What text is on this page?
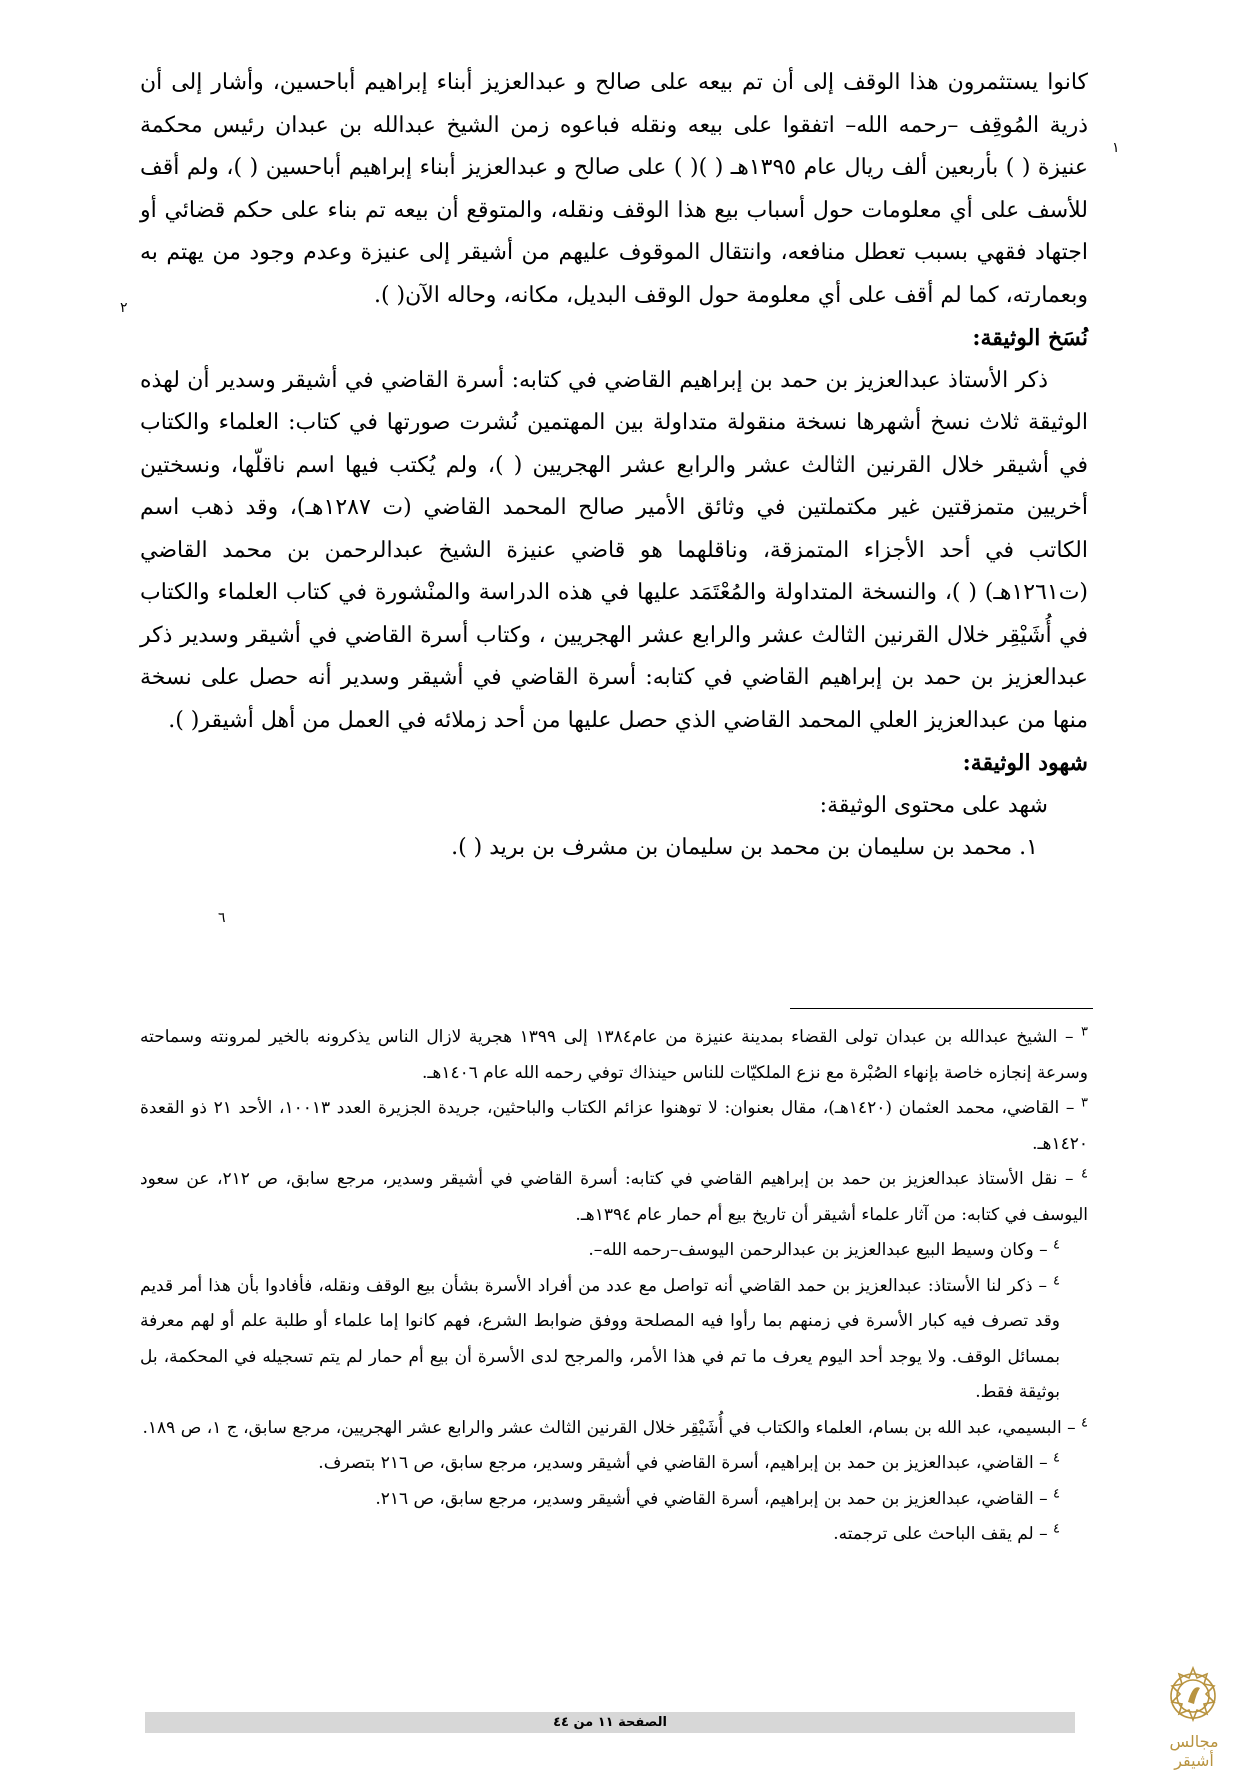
كانوا يستثمرون هذا الوقف إلى أن تم بيعه على صالح و عبدالعزيز أبناء إبراهيم أباحسين، وأشار إلى أن ذرية المُوقِف –رحمه الله– اتفقوا على بيعه ونقله فباعوه زمن الشيخ عبدالله بن عبدان رئيس محكمة عنيزة ( ) بأربعين ألف ريال عام ١٣٩٥هـ ( )( ) على صالح و عبدالعزيز أبناء إبراهيم أباحسين ( )، ولم أقف للأسف على أي معلومات حول أسباب بيع هذا الوقف ونقله، والمتوقع أن بيعه تم بناء على حكم قضائي أو اجتهاد فقهي بسبب تعطل منافعه، وانتقال الموقوف عليهم من أشيقر إلى عنيزة وعدم وجود من يهتم به وبعمارته، كما لم أقف على أي معلومة حول الوقف البديل، مكانه، وحاله الآن( ).

نُسَخ الوثيقة:

ذكر الأستاذ عبدالعزيز بن حمد بن إبراهيم القاضي في كتابه: أسرة القاضي في أشيقر وسدير أن لهذه الوثيقة ثلاث نسخ أشهرها نسخة منقولة متداولة بين المهتمين نُشرت صورتها في كتاب: العلماء والكتاب في أشيقر خلال القرنين الثالث عشر والرابع عشر الهجريين ( )، ولم يُكتب فيها اسم ناقلّها، ونسختين أخريين متمزقتين غير مكتملتين في وثائق الأمير صالح المحمد القاضي (ت ١٢٨٧هـ)، وقد ذهب اسم الكاتب في أحد الأجزاء المتمزقة، وناقلهما هو قاضي عنيزة الشيخ عبدالرحمن بن محمد القاضي (ت١٢٦١هـ) ( )، والنسخة المتداولة والمُعْتَمَد عليها في هذه الدراسة والمنْشورة في كتاب العلماء والكتاب في أُشَيْقِر خلال القرنين الثالث عشر والرابع عشر الهجريين ، وكتاب أسرة القاضي في أشيقر وسدير ذكر عبدالعزيز بن حمد بن إبراهيم القاضي في كتابه: أسرة القاضي في أشيقر وسدير أنه حصل على نسخة منها من عبدالعزيز العلي المحمد القاضي الذي حصل عليها من أحد زملائه في العمل من أهل أشيقر( ).

شهود الوثيقة:

شهد على محتوى الوثيقة:

١. محمد بن سليمان بن محمد بن سليمان بن مشرف بن بريد ( ).
١
٢
٦

$^٣$ – الشيخ عبدالله بن عبدان تولى القضاء بمدينة عنيزة من عام١٣٨٤ إلى ١٣٩٩ هجرية لازال الناس يذكرونه بالخير لمرونته وسماحته وسرعة إنجازه خاصة بإنهاء الصُبْرة مع نزع الملكيّات للناس حينذاك توفي رحمه الله عام ١٤٠٦هـ.

$^٣$ – القاضي، محمد العثمان (١٤٢٠هـ)، مقال بعنوان: لا توهنوا عزائم الكتاب والباحثين، جريدة الجزيرة العدد ١٠٠١٣، الأحد ٢١ ذو القعدة ١٤٢٠هـ.

$^٤$ – نقل الأستاذ عبدالعزيز بن حمد بن إبراهيم القاضي في كتابه: أسرة القاضي في أشيقر وسدير، مرجع سابق، ص ٢١٢، عن سعود اليوسف في كتابه: من آثار علماء أشيقر أن تاريخ بيع أم حمار عام ١٣٩٤هـ.

$^٤$ – وكان وسيط البيع عبدالعزيز بن عبدالرحمن اليوسف–رحمه الله–.

$^٤$ – ذكر لنا الأستاذ: عبدالعزيز بن حمد القاضي أنه تواصل مع عدد من أفراد الأسرة بشأن بيع الوقف ونقله، فأفادوا بأن هذا أمر قديم وقد تصرف فيه كبار الأسرة في زمنهم بما رأوا فيه المصلحة ووفق ضوابط الشرع، فهم كانوا إما علماء أو طلبة علم أو لهم معرفة بمسائل الوقف. ولا يوجد أحد اليوم يعرف ما تم في هذا الأمر، والمرجح لدى الأسرة أن بيع أم حمار لم يتم تسجيله في المحكمة، بل بوثيقة فقط.

$^٤$ – البسيمي، عبد الله بن بسام، العلماء والكتاب في أُشَيْقِر خلال القرنين الثالث عشر والرابع عشر الهجريين، مرجع سابق، ج ١، ص ١٨٩.

$^٤$ – القاضي، عبدالعزيز بن حمد بن إبراهيم، أسرة القاضي في أشيقر وسدير، مرجع سابق، ص ٢١٦ بتصرف.

$^٤$ – القاضي، عبدالعزيز بن حمد بن إبراهيم، أسرة القاضي في أشيقر وسدير، مرجع سابق، ص ٢١٦.

$^٤$ – لم يقف الباحث على ترجمته.

الصفحة ١١ من ٤٤
مجالس أشيقر
